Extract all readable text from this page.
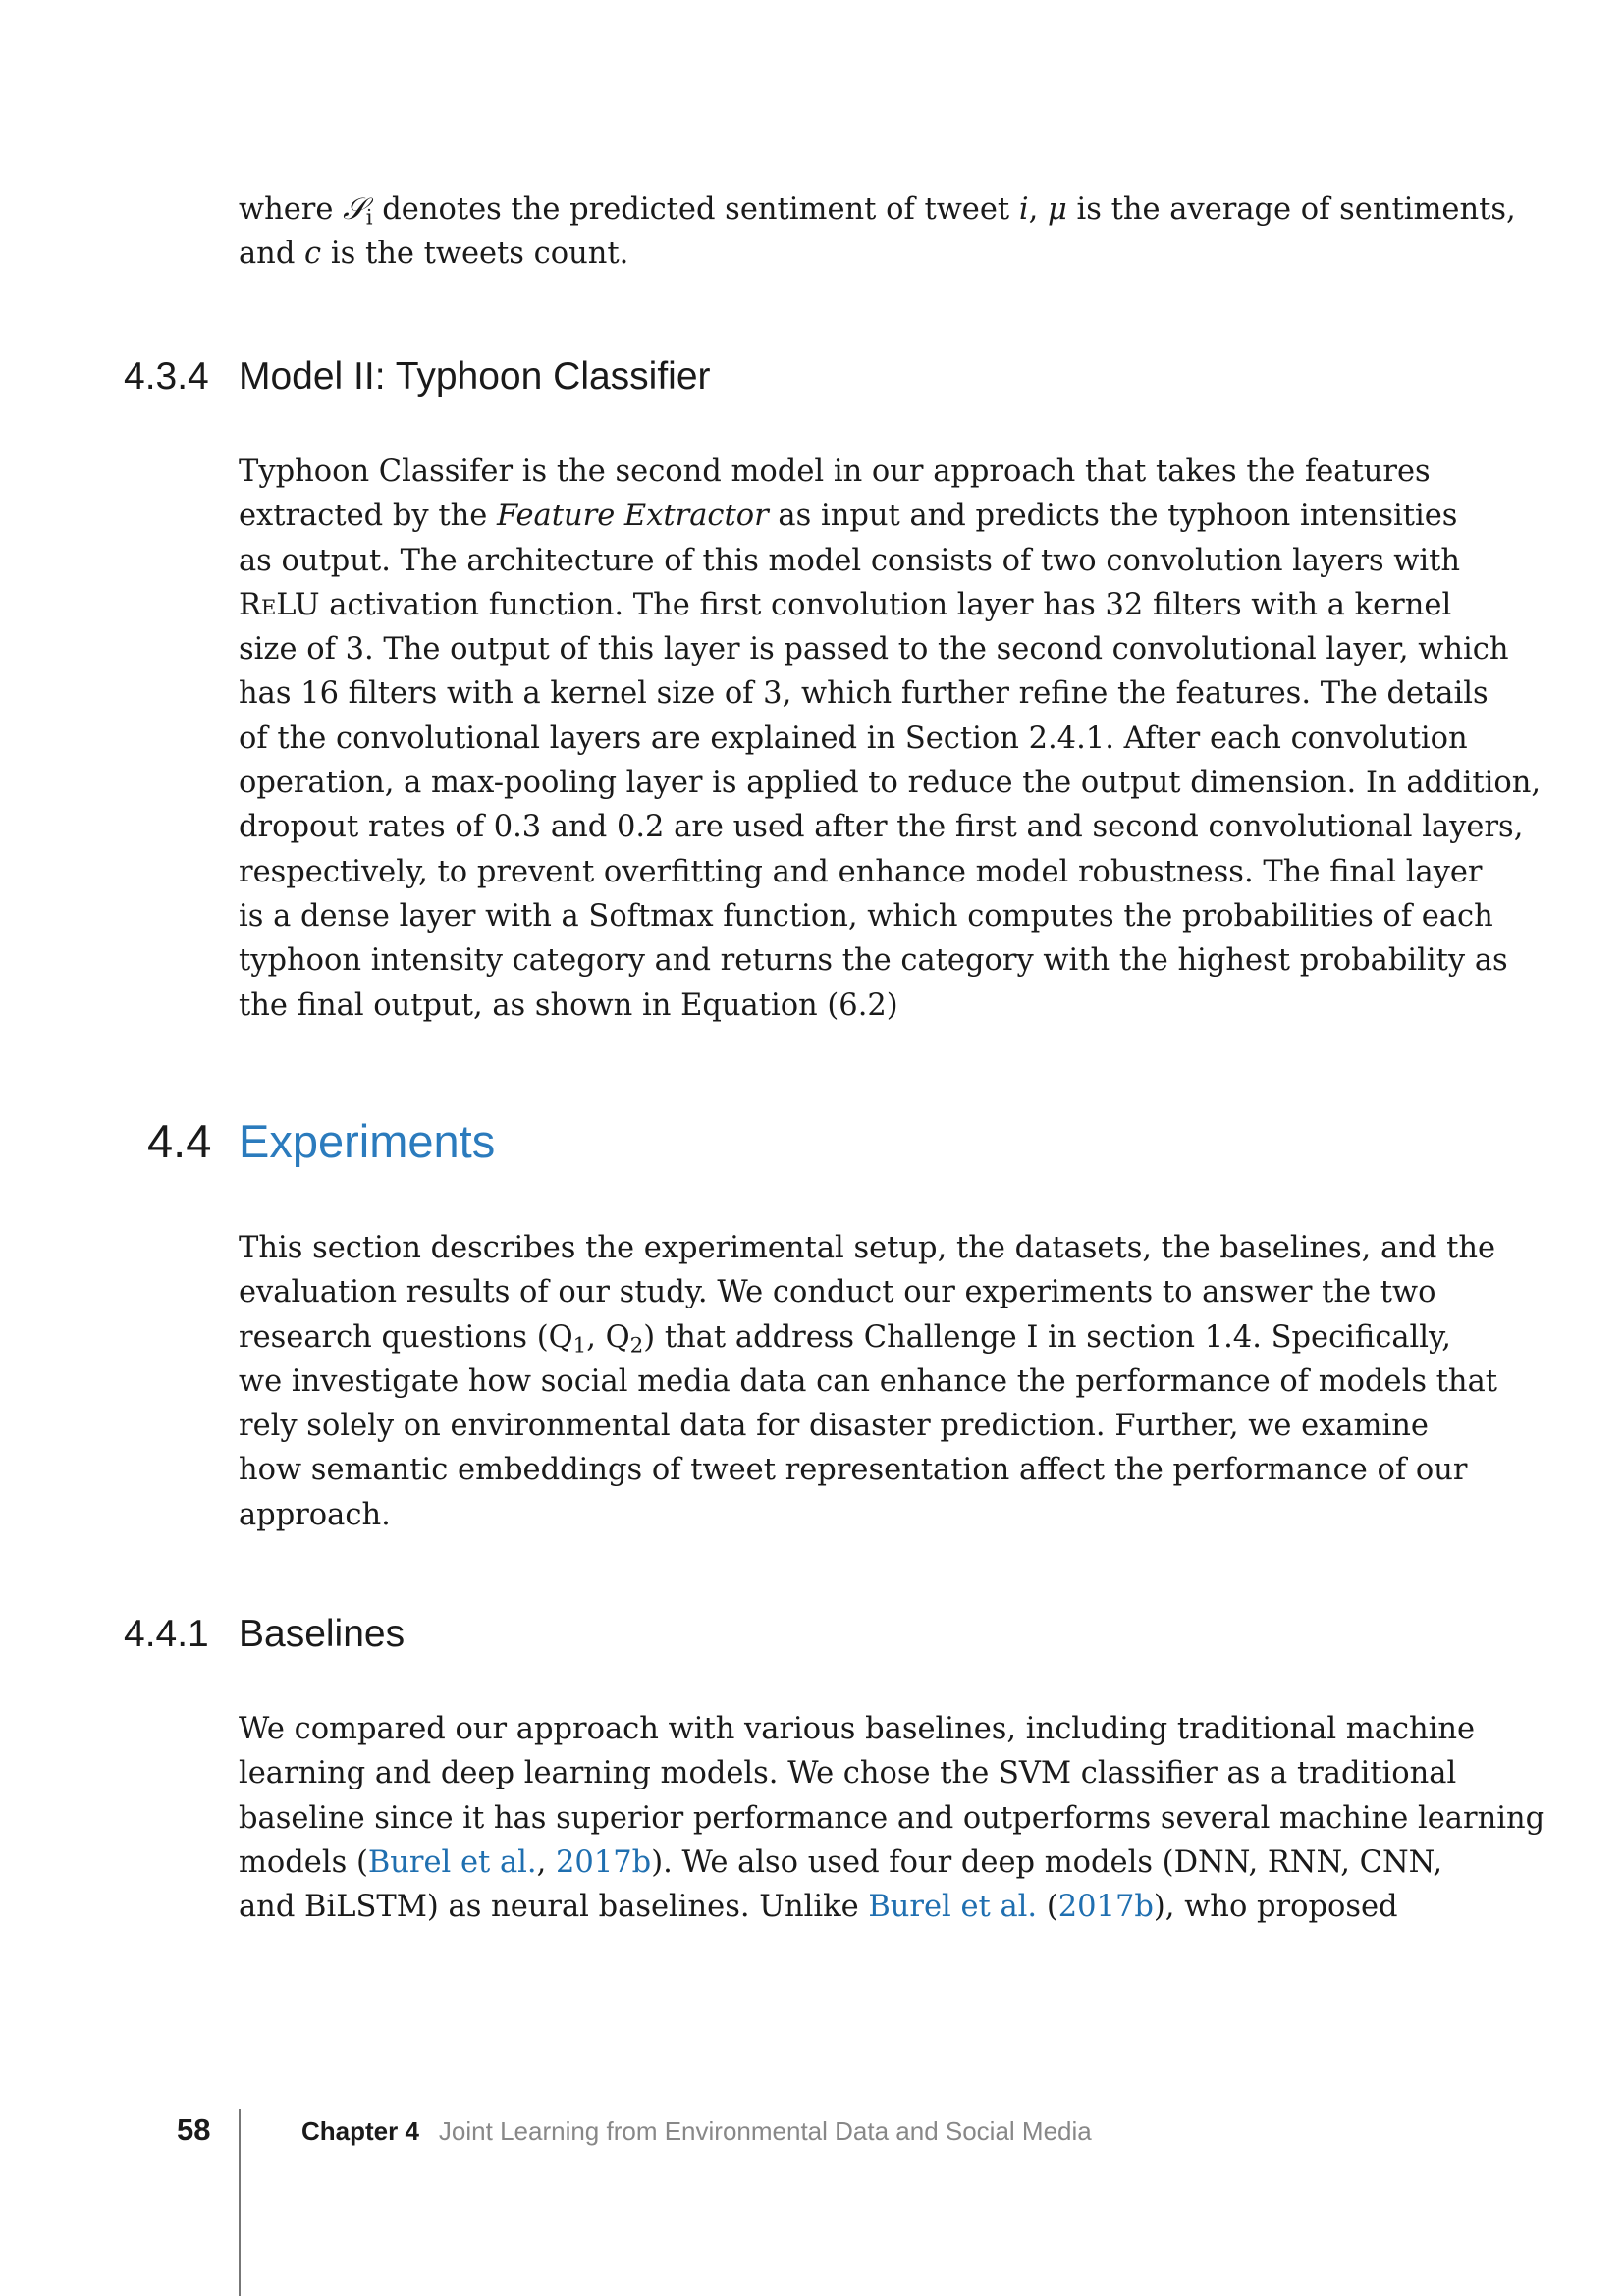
where 𝒮$_i$ denotes the predicted sentiment of tweet i, μ is the average of sentiments,
and c is the tweets count.
4.3.4 Model II: Typhoon Classifier
Typhoon Classifer is the second model in our approach that takes the features
extracted by the Feature Extractor as input and predicts the typhoon intensities
as output. The architecture of this model consists of two convolution layers with
ReLU activation function. The first convolution layer has 32 filters with a kernel
size of 3. The output of this layer is passed to the second convolutional layer, which
has 16 filters with a kernel size of 3, which further refine the features. The details
of the convolutional layers are explained in Section 2.4.1. After each convolution
operation, a max-pooling layer is applied to reduce the output dimension. In addition,
dropout rates of 0.3 and 0.2 are used after the first and second convolutional layers,
respectively, to prevent overfitting and enhance model robustness. The final layer
is a dense layer with a Softmax function, which computes the probabilities of each
typhoon intensity category and returns the category with the highest probability as
the final output, as shown in Equation (6.2)
4.4 Experiments
This section describes the experimental setup, the datasets, the baselines, and the
evaluation results of our study. We conduct our experiments to answer the two
research questions ($Q_1$, $Q_2$) that address Challenge I in section 1.4. Specifically,
we investigate how social media data can enhance the performance of models that
rely solely on environmental data for disaster prediction. Further, we examine
how semantic embeddings of tweet representation affect the performance of our
approach.
4.4.1 Baselines
We compared our approach with various baselines, including traditional machine
learning and deep learning models. We chose the SVM classifier as a traditional
baseline since it has superior performance and outperforms several machine learning
models (Burel et al., 2017b). We also used four deep models (DNN, RNN, CNN,
and BiLSTM) as neural baselines. Unlike Burel et al. (2017b), who proposed
58	Chapter 4 Joint Learning from Environmental Data and Social Media
